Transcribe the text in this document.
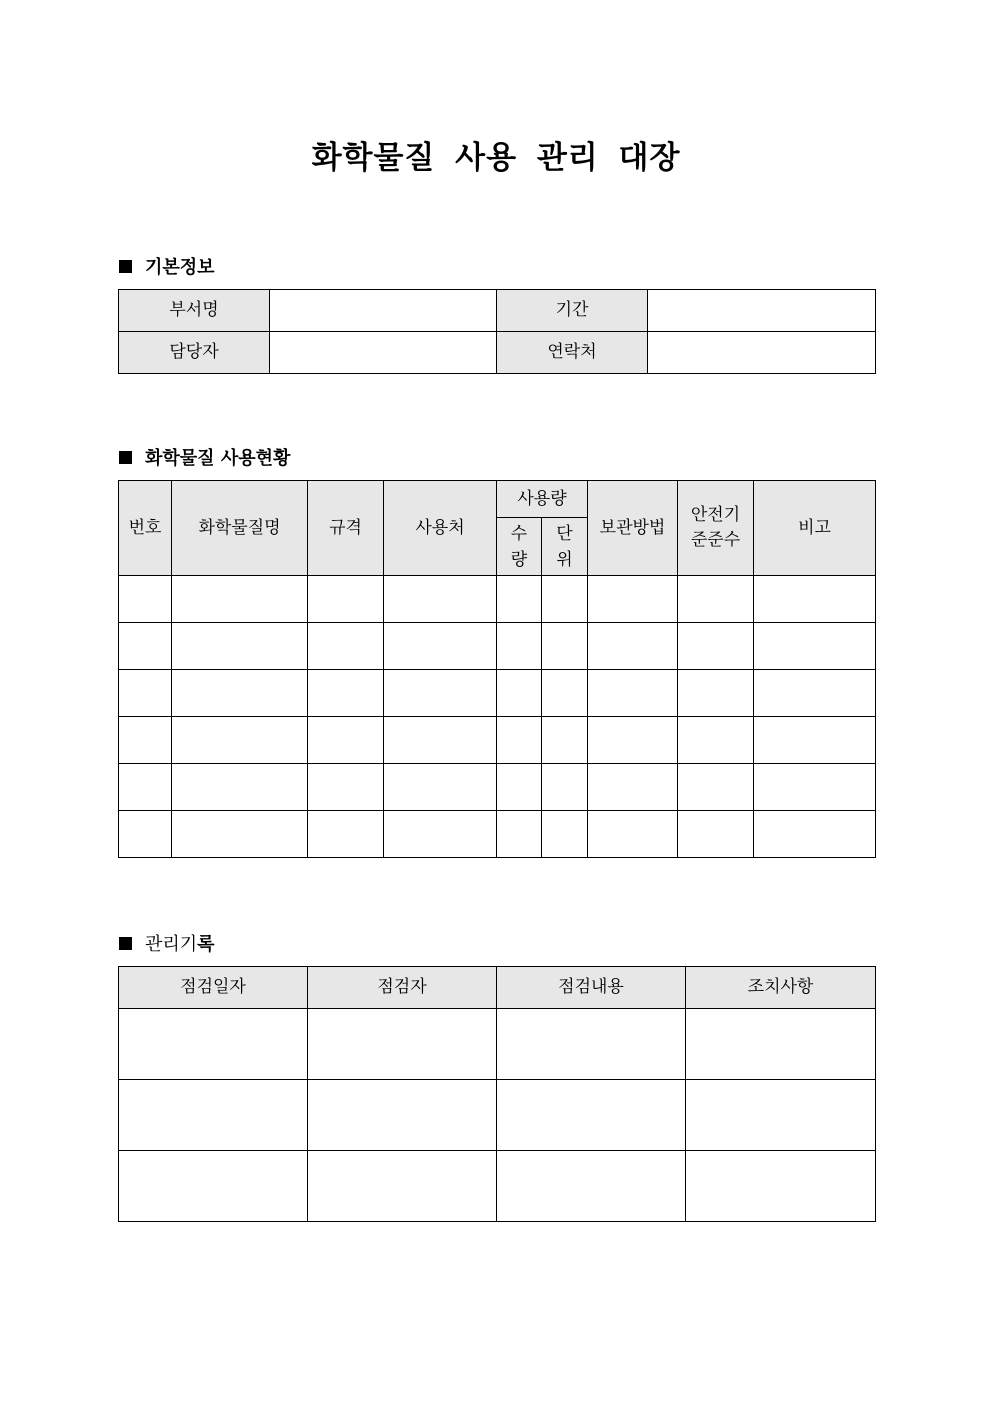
화학물질 사용 관리 대장
기본정보
부서명		기간	
담당자		연락처	
화학물질 사용현황
번호	화학물질명	규격	사용처	사용량		보관방법	안전기준준수	비고

				수량	단위			

관리기록
점검일자	점검자	점검내용	조치사항
